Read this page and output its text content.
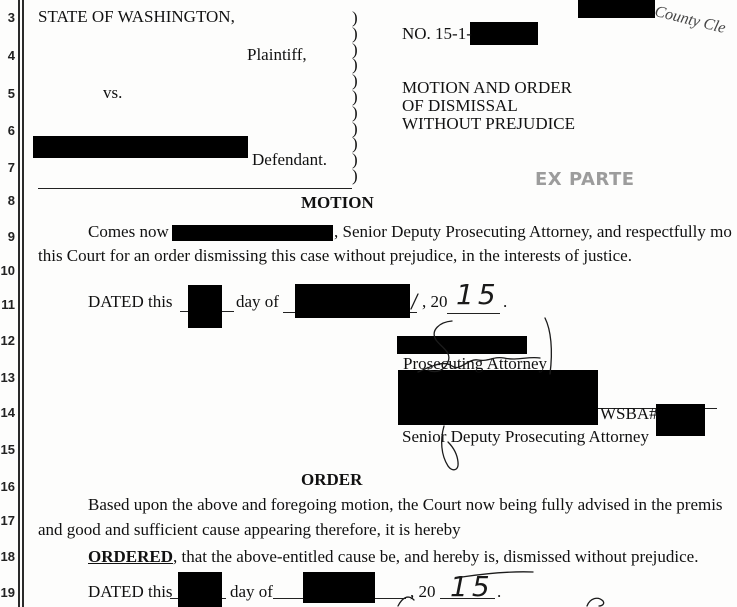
3
4
5
6
7
8
9
10
11
12
13
14
15
16
17
18
19
County Cle
STATE OF WASHINGTON,
Plaintiff,
vs.
Defendant.
)
)
)
)
)
)
)
)
)
)
)
NO. 15-1-
MOTION AND ORDER
OF DISMISSAL
WITHOUT PREJUDICE
EX PARTE
MOTION
Comes now	, Senior Deputy Prosecuting Attorney, and respectfully mo
this Court for an order dismissing this case without prejudice, in the interests of justice.
DATED this	day of	, 20 15 .
Prosecuting Attorney
WSBA#
Senior Deputy Prosecuting Attorney
ORDER
Based upon the above and foregoing motion, the Court now being fully advised in the premis
and good and sufficient cause appearing therefore, it is hereby
ORDERED, that the above-entitled cause be, and hereby is, dismissed without prejudice.
DATED this	day of	, 20 15 .
